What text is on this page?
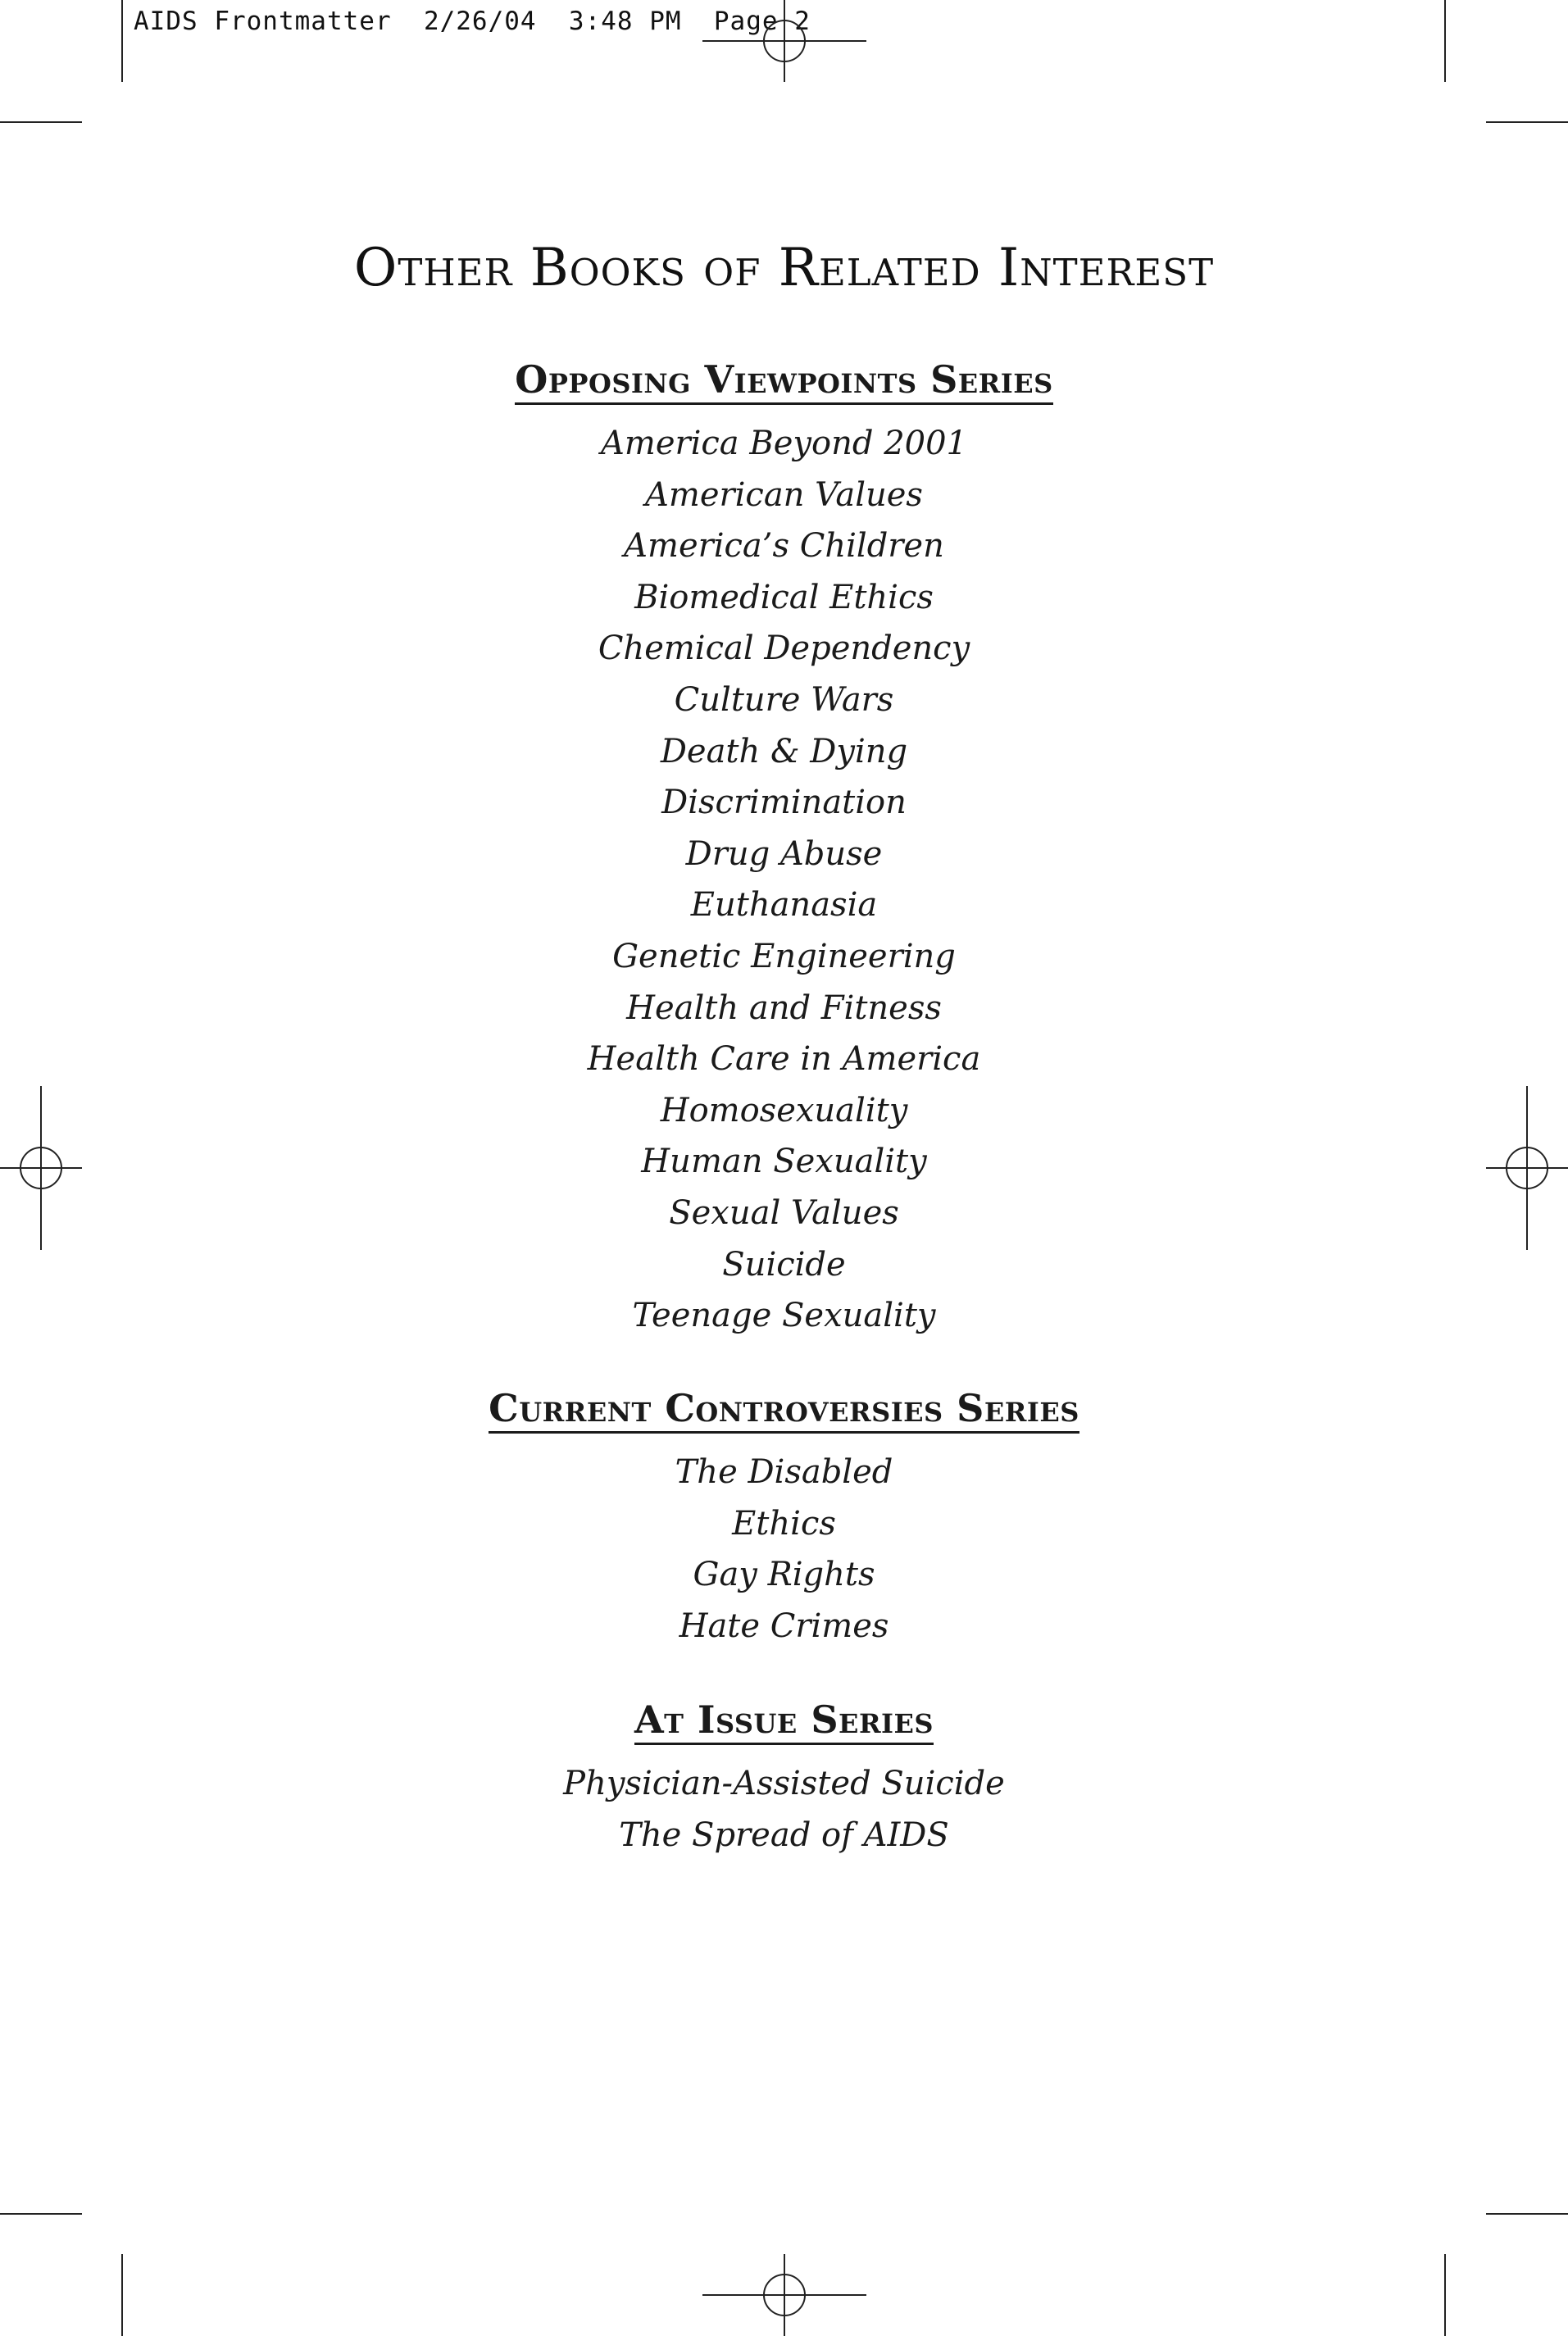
AIDS Frontmatter  2/26/04  3:48 PM  Page 2
Other Books of Related Interest
Opposing Viewpoints Series
America Beyond 2001
American Values
America’s Children
Biomedical Ethics
Chemical Dependency
Culture Wars
Death & Dying
Discrimination
Drug Abuse
Euthanasia
Genetic Engineering
Health and Fitness
Health Care in America
Homosexuality
Human Sexuality
Sexual Values
Suicide
Teenage Sexuality
Current Controversies Series
The Disabled
Ethics
Gay Rights
Hate Crimes
At Issue Series
Physician-Assisted Suicide
The Spread of AIDS
